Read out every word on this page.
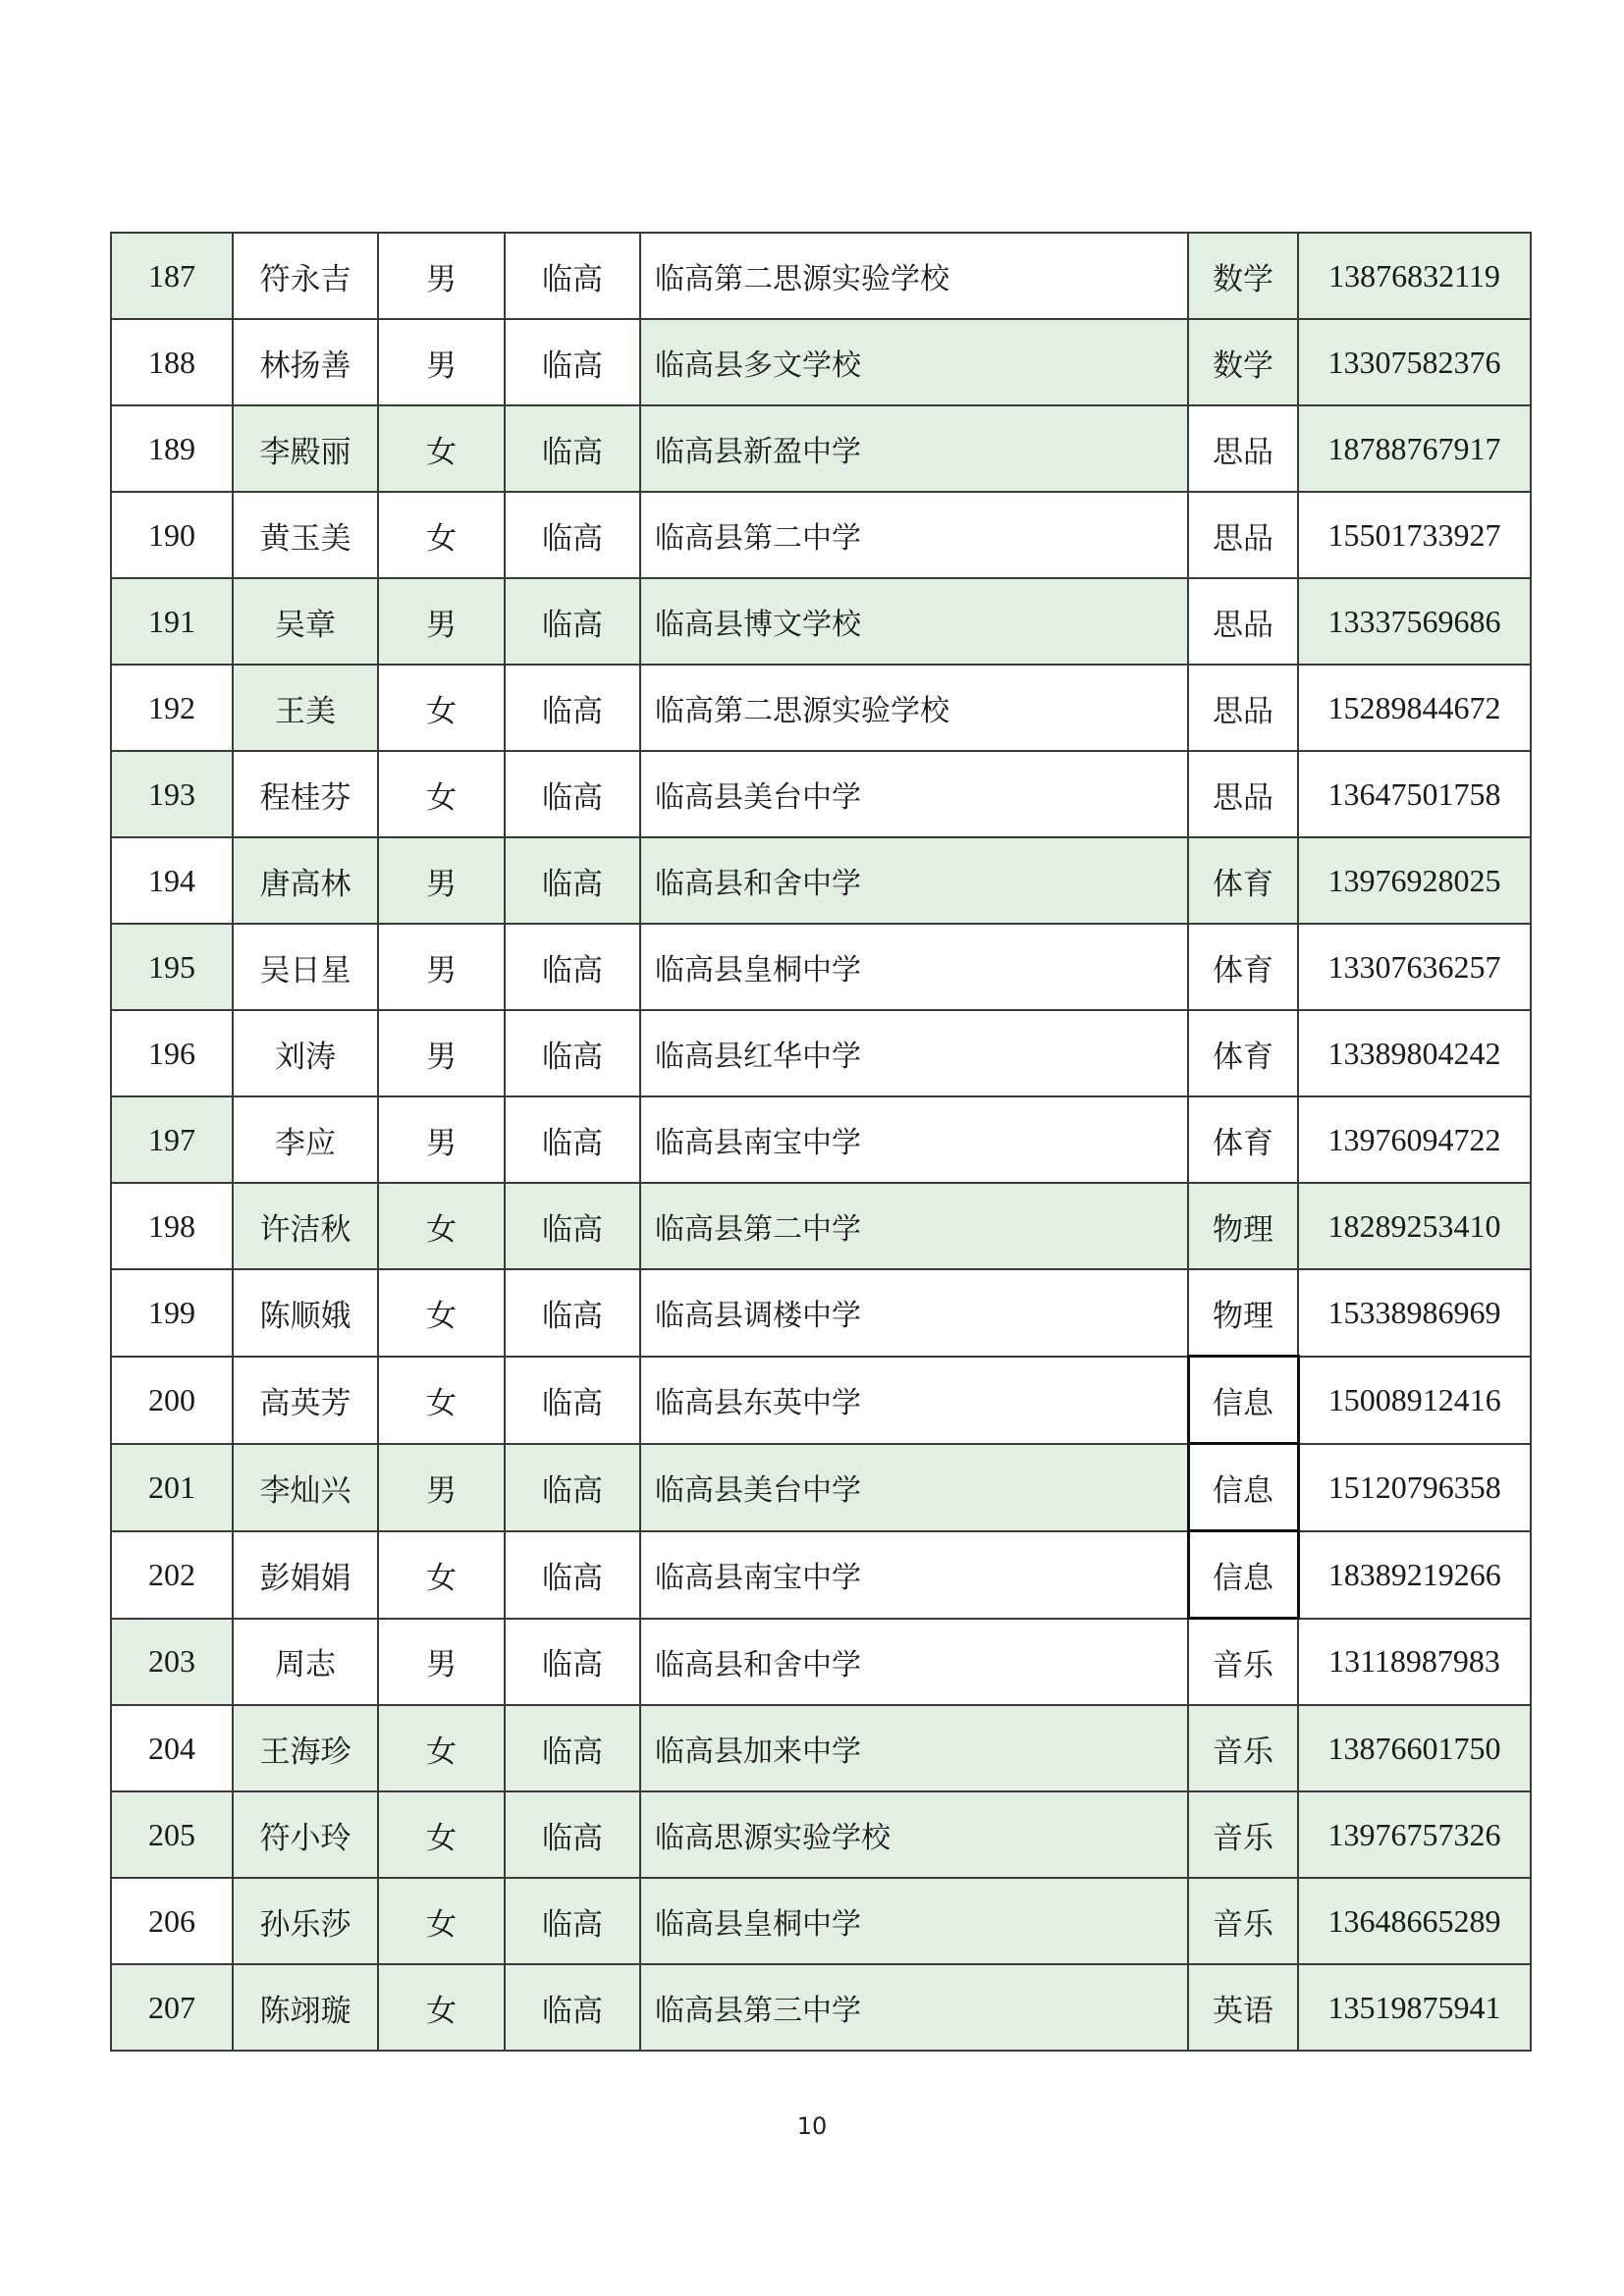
187	符永吉	男	临高	临高第二思源实验学校	数学	13876832119
188	林扬善	男	临高	临高县多文学校	数学	13307582376
189	李殿丽	女	临高	临高县新盈中学	思品	18788767917
190	黄玉美	女	临高	临高县第二中学	思品	15501733927
191	吴章	男	临高	临高县博文学校	思品	13337569686
192	王美	女	临高	临高第二思源实验学校	思品	15289844672
193	程桂芬	女	临高	临高县美台中学	思品	13647501758
194	唐高林	男	临高	临高县和舍中学	体育	13976928025
195	吴日星	男	临高	临高县皇桐中学	体育	13307636257
196	刘涛	男	临高	临高县红华中学	体育	13389804242
197	李应	男	临高	临高县南宝中学	体育	13976094722
198	许洁秋	女	临高	临高县第二中学	物理	18289253410
199	陈顺娥	女	临高	临高县调楼中学	物理	15338986969
200	高英芳	女	临高	临高县东英中学	信息	15008912416
201	李灿兴	男	临高	临高县美台中学	信息	15120796358
202	彭娟娟	女	临高	临高县南宝中学	信息	18389219266
203	周志	男	临高	临高县和舍中学	音乐	13118987983
204	王海珍	女	临高	临高县加来中学	音乐	13876601750
205	符小玲	女	临高	临高思源实验学校	音乐	13976757326
206	孙乐莎	女	临高	临高县皇桐中学	音乐	13648665289
207	陈翊璇	女	临高	临高县第三中学	英语	13519875941
10
